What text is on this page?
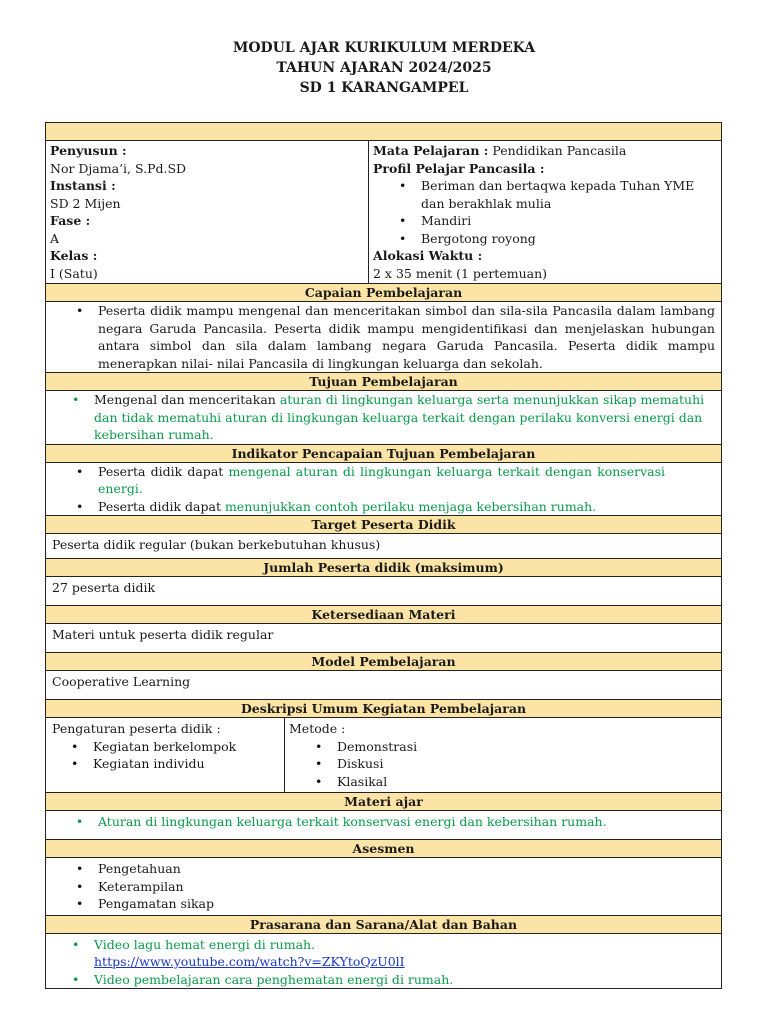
MODUL AJAR KURIKULUM MERDEKA
TAHUN AJARAN 2024/2025
SD 1 KARANGAMPEL
Penyusun :
Nor Djama’i, S.Pd.SD
Instansi :
SD 2 Mijen
Fase :
A
Kelas :
I (Satu)
Mata Pelajaran : Pendidikan Pancasila
Profil Pelajar Pancasila :
• Beriman dan bertaqwa kepada Tuhan YME dan berakhlak mulia
• Mandiri
• Bergotong royong
Alokasi Waktu :
2 x 35 menit (1 pertemuan)
Capaian Pembelajaran
• Peserta didik mampu mengenal dan menceritakan simbol dan sila-sila Pancasila dalam lambang negara Garuda Pancasila. Peserta didik mampu mengidentifikasi dan menjelaskan hubungan antara simbol dan sila dalam lambang negara Garuda Pancasila. Peserta didik mampu menerapkan nilai- nilai Pancasila di lingkungan keluarga dan sekolah.
Tujuan Pembelajaran
• Mengenal dan menceritakan aturan di lingkungan keluarga serta menunjukkan sikap mematuhi dan tidak mematuhi aturan di lingkungan keluarga terkait dengan perilaku konversi energi dan kebersihan rumah.
Indikator Pencapaian Tujuan Pembelajaran
• Peserta didik dapat mengenal aturan di lingkungan keluarga terkait dengan konservasi energi.
• Peserta didik dapat menunjukkan contoh perilaku menjaga kebersihan rumah.
Target Peserta Didik
Peserta didik regular (bukan berkebutuhan khusus)
Jumlah Peserta didik (maksimum)
27 peserta didik
Ketersediaan Materi
Materi untuk peserta didik regular
Model Pembelajaran
Cooperative Learning
Deskripsi Umum Kegiatan Pembelajaran
Pengaturan peserta didik :
• Kegiatan berkelompok
• Kegiatan individu
Metode :
• Demonstrasi
• Diskusi
• Klasikal
Materi ajar
• Aturan di lingkungan keluarga terkait konservasi energi dan kebersihan rumah.
Asesmen
• Pengetahuan
• Keterampilan
• Pengamatan sikap
Prasarana dan Sarana/Alat dan Bahan
• Video lagu hemat energi di rumah.
https://www.youtube.com/watch?v=ZKYtoQzU0lI
• Video pembelajaran cara penghematan energi di rumah.
